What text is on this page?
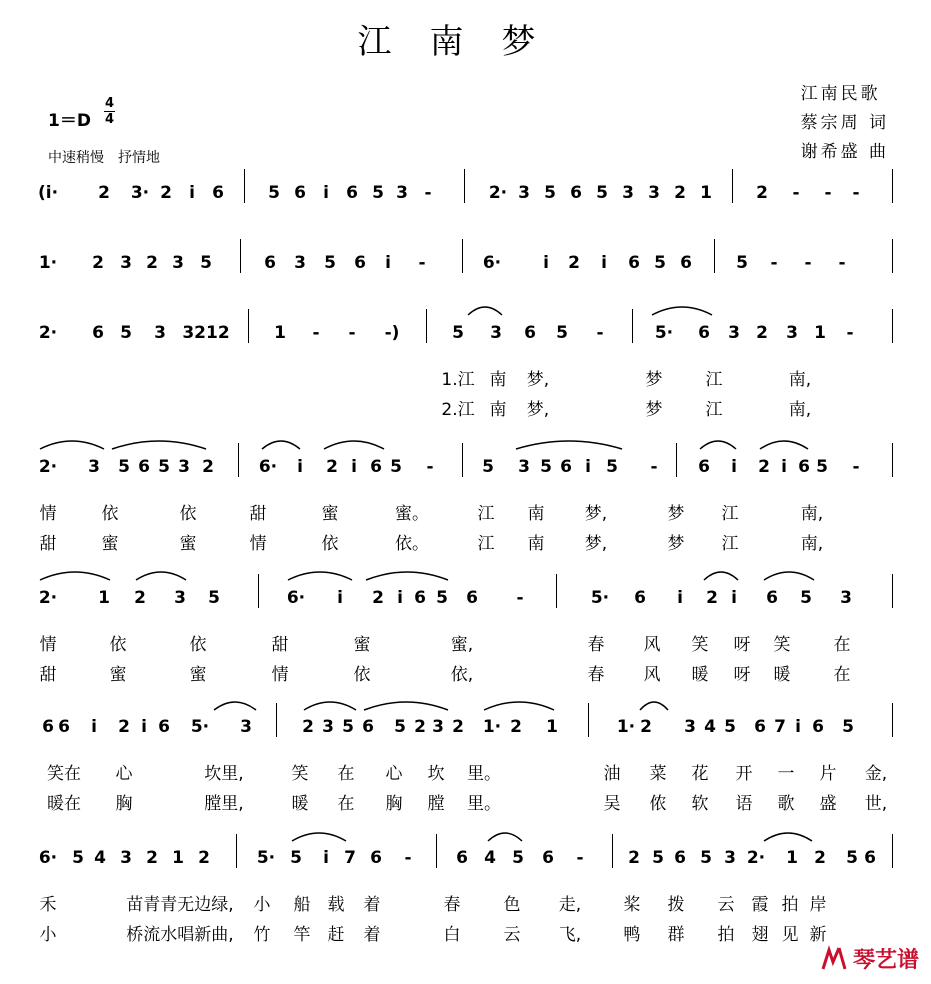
江南梦
江南民歌
蔡宗周 词
谢希盛 曲
1＝D
4
4
中速稍慢　抒情地
(i· 2 3· 2 i 6	5 6 i 6 5 3 -	2· 3 5 6 5 3 3 2 1	2 - - -
1· 2 3 2 3 5	6 3 5 6 i -	6· i 2 i 6 5 6	5 - - -
2· 6 5 3 3212	1 - - -)	5 3 6 5 -	5· 6 3 2 3 1 -
1.江 南 梦,	梦	江	南,
2.江 南 梦,	梦	江	南,
2· 3 5 6 5 3 2	6· i 2 i 6 5 -	5 3 5 6 i 5 - 6 i 2 i 6 5 -
情	依	依	甜	蜜	蜜。	江 南 梦,	梦 江	南,
甜	蜜	蜜	情	依	依。	江 南 梦,	梦 江	南,
2· 1 2 3 5	6· i 2 i 6 5 6 -	5· 6 i 2 i 6 5 3
情	依	依	甜	蜜	蜜,	春 风 笑 呀 笑	在
甜	蜜	蜜	情	依	依,	春 风 暖 呀 暖	在
6 6 i 2 i 6 5· 3	2 3 5 6 5 2 3 2 1· 2 1	1· 2 3 4 5 6 7 i 6 5
笑在 心	坎里,	笑 在 心 坎 里。	油 菜 花 开 一 片 金,
暖在 胸	膛里,	暖 在 胸 膛 里。	吴 侬 软 语 歌 盛 世,
6· 5 4 3 2 1 2	5· 5 i 7 6 -	6 4 5 6 -	2 5 6 5 3 2· 1 2 5 6
禾	苗青青无边绿, 小 船 载 着	春	色 走, 桨 拨 云 霞 拍 岸
小	桥流水唱新曲, 竹 竿 赶 着	白	云 飞, 鸭 群 拍 翅 见 新
琴艺谱
